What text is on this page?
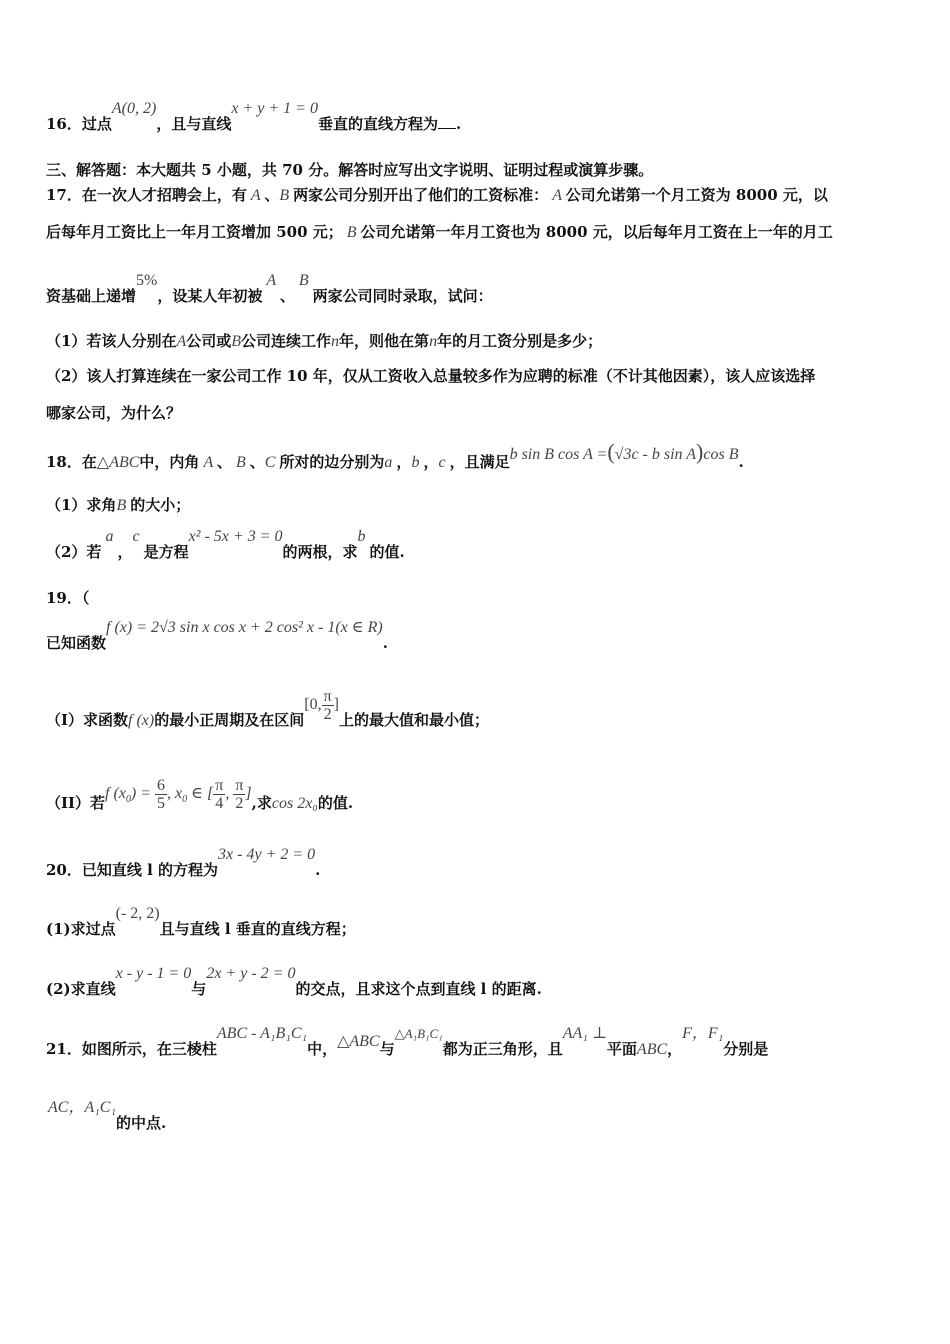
16．过点A(0, 2)，且与直线x + y + 1 = 0垂直的直线方程为 .
三、解答题：本大题共 5 小题，共 70 分。解答时应写出文字说明、证明过程或演算步骤。
17．在一次人才招聘会上，有 A 、B 两家公司分别开出了他们的工资标准： A 公司允诺第一个月工资为 8000 元，以
后每年月工资比上一年月工资增加 500 元； B 公司允诺第一年月工资也为 8000 元，以后每年月工资在上一年的月工
资基础上递增5%，设某人年初被 A 、 B 两家公司同时录取，试问：
（1）若该人分别在A公司或B公司连续工作n年，则他在第n年的月工资分别是多少；
（2）该人打算连续在一家公司工作 10 年，仅从工资收入总量较多作为应聘的标准（不计其他因素），该人应该选择
哪家公司，为什么？
18．在△ABC中，内角 A 、 B 、C 所对的边分别为a ，b ，c ，且满足b sin B cos A =(√3c - b sin A)cos B.
（1）求角B 的大小；
（2）若 a ，c 是方程x² - 5x + 3 = 0的两根，求b 的值.
19．（
已知函数f (x) = 2√3 sin x cos x + 2 cos² x - 1(x ∈ R).
（I）求函数f (x)的最小正周期及在区间[0, $\frac{\pi}{2}$ ]上的最大值和最小值；
（II）若f $(x_0) = \frac{6}{5}$ , $x_0$ ∈ [ $\frac{\pi}{4}$ , $\frac{\pi}{2}$ ],求cos 2x₀的值.
20．已知直线 l 的方程为3x - 4y + 2 = 0.
(1)求过点(- 2, 2)且与直线 l 垂直的直线方程；
(2)求直线x - y - 1 = 0与2x + y - 2 = 0的交点，且求这个点到直线 l 的距离.
21．如图所示，在三棱柱ABC - A₁B₁C₁中，△ABC与△A₁B₁C₁都为正三角形，且AA₁ ⊥平面ABC，F，F₁分别是
AC，A₁C₁的中点.
